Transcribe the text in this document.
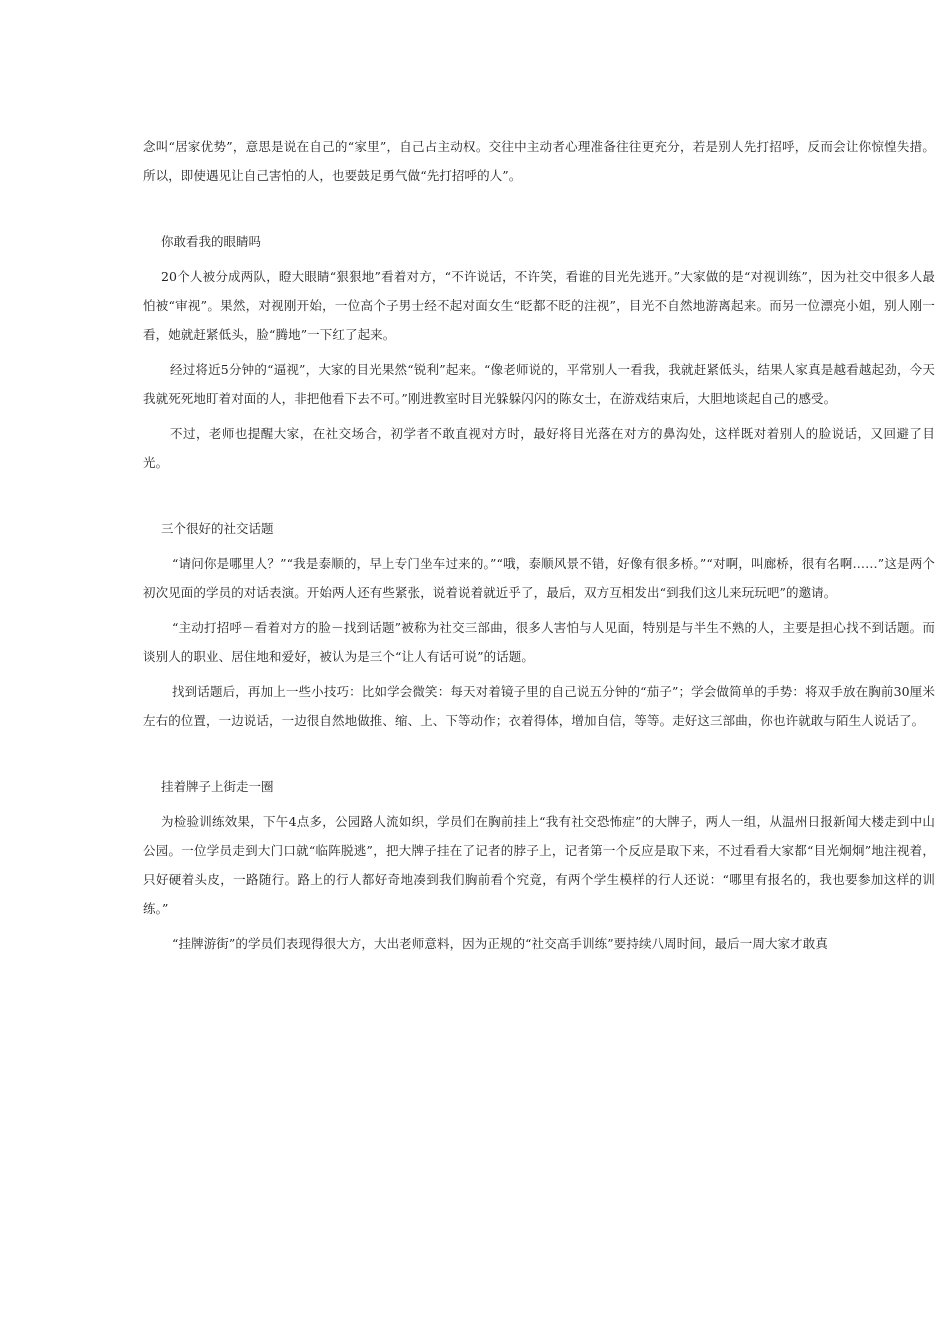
念叫“居家优势”，意思是说在自己的“家里”，自己占主动权。交往中主动者心理准备往往更充分，若是别人先打招呼，反而会让你惊惶失措。所以，即使遇见让自己害怕的人，也要鼓足勇气做“先打招呼的人”。

你敢看我的眼睛吗

20个人被分成两队，瞪大眼睛“狠狠地”看着对方，“不许说话，不许笑，看谁的目光先逃开。”大家做的是“对视训练”，因为社交中很多人最怕被“审视”。果然，对视刚开始，一位高个子男士经不起对面女生“眨都不眨的注视”，目光不自然地游离起来。而另一位漂亮小姐，别人刚一看，她就赶紧低头，脸“腾地”一下红了起来。

经过将近5分钟的“逼视”，大家的目光果然“锐利”起来。“像老师说的，平常别人一看我，我就赶紧低头，结果人家真是越看越起劲，今天我就死死地盯着对面的人，非把他看下去不可。”刚进教室时目光躲躲闪闪的陈女士，在游戏结束后，大胆地谈起自己的感受。

不过，老师也提醒大家，在社交场合，初学者不敢直视对方时，最好将目光落在对方的鼻沟处，这样既对着别人的脸说话，又回避了目光。

三个很好的社交话题

“请问你是哪里人？”“我是泰顺的，早上专门坐车过来的。”“哦，泰顺风景不错，好像有很多桥。”“对啊，叫廊桥，很有名啊……”这是两个初次见面的学员的对话表演。开始两人还有些紧张，说着说着就近乎了，最后，双方互相发出“到我们这儿来玩玩吧”的邀请。

“主动打招呼－看着对方的脸－找到话题”被称为社交三部曲，很多人害怕与人见面，特别是与半生不熟的人，主要是担心找不到话题。而谈别人的职业、居住地和爱好，被认为是三个“让人有话可说”的话题。

找到话题后，再加上一些小技巧：比如学会微笑：每天对着镜子里的自己说五分钟的“茄子”；学会做简单的手势：将双手放在胸前30厘米左右的位置，一边说话，一边很自然地做推、缩、上、下等动作；衣着得体，增加自信，等等。走好这三部曲，你也许就敢与陌生人说话了。

挂着牌子上街走一圈

为检验训练效果，下午4点多，公园路人流如织，学员们在胸前挂上“我有社交恐怖症”的大牌子，两人一组，从温州日报新闻大楼走到中山公园。一位学员走到大门口就“临阵脱逃”，把大牌子挂在了记者的脖子上，记者第一个反应是取下来，不过看看大家都“目光炯炯”地注视着，只好硬着头皮，一路随行。路上的行人都好奇地凑到我们胸前看个究竟，有两个学生模样的行人还说：“哪里有报名的，我也要参加这样的训练。”

“挂牌游街”的学员们表现得很大方，大出老师意料，因为正规的“社交高手训练”要持续八周时间，最后一周大家才敢真
